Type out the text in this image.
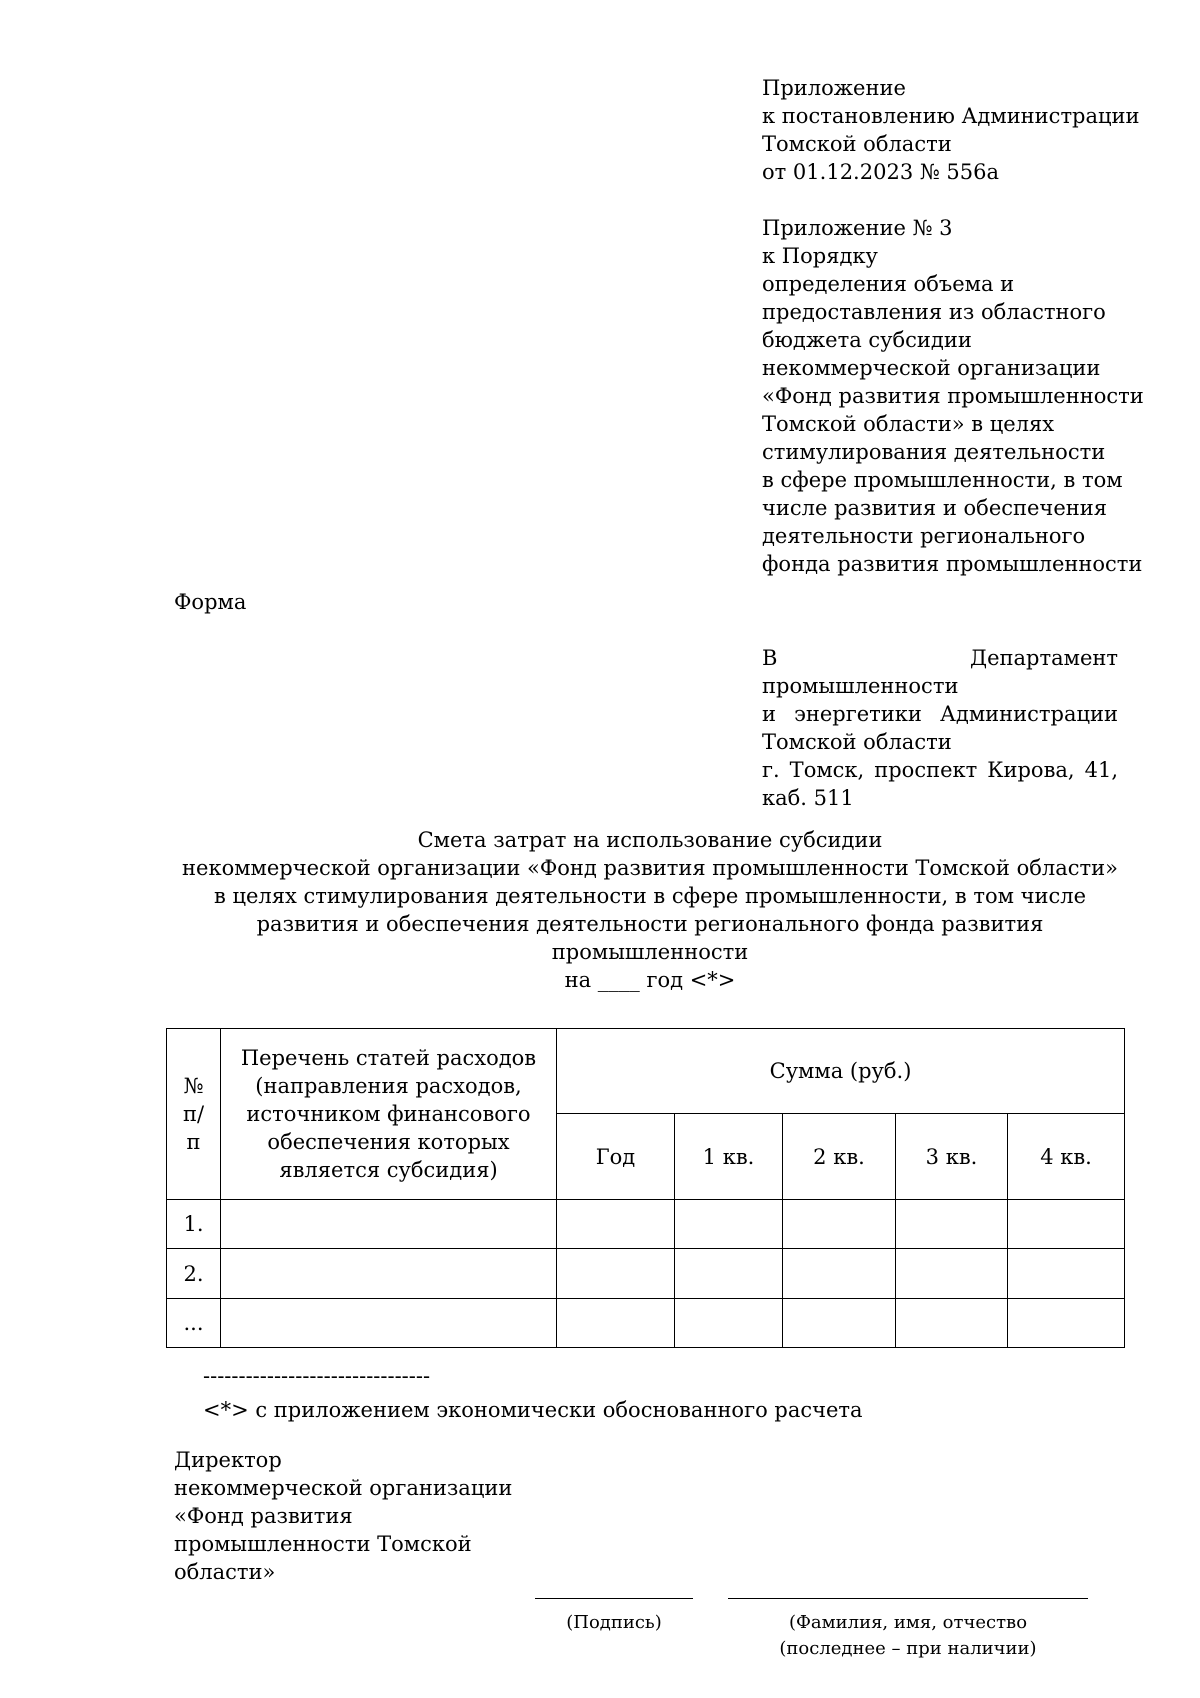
Приложение
к постановлению Администрации
Томской области
от 01.12.2023 № 556а
Приложение № 3
к Порядку
определения объема и
предоставления из областного
бюджета субсидии
некоммерческой организации
«Фонд развития промышленности
Томской области» в целях
стимулирования деятельности
в сфере промышленности, в том
числе развития и обеспечения
деятельности регионального
фонда развития промышленности
Форма
В Департамент промышленности
и энергетики Администрации
Томской области
г. Томск, проспект Кирова, 41,
каб. 511
Смета затрат на использование субсидии
некоммерческой организации «Фонд развития промышленности Томской области»
в целях стимулирования деятельности в сфере промышленности, в том числе
развития и обеспечения деятельности регионального фонда развития
промышленности
на ____ год <*>
№ п/п	Перечень статей расходов (направления расходов, источником финансового обеспечения которых является субсидия)	Сумма (руб.)				
		Год	1 кв.	2 кв.	3 кв.	4 кв.
1.						
2.						
...						
--------------------------------
<*> с приложением экономически обоснованного расчета
Директор
некоммерческой организации
«Фонд развития
промышленности Томской
области»
(Подпись)	(Фамилия, имя, отчество (последнее – при наличии)
